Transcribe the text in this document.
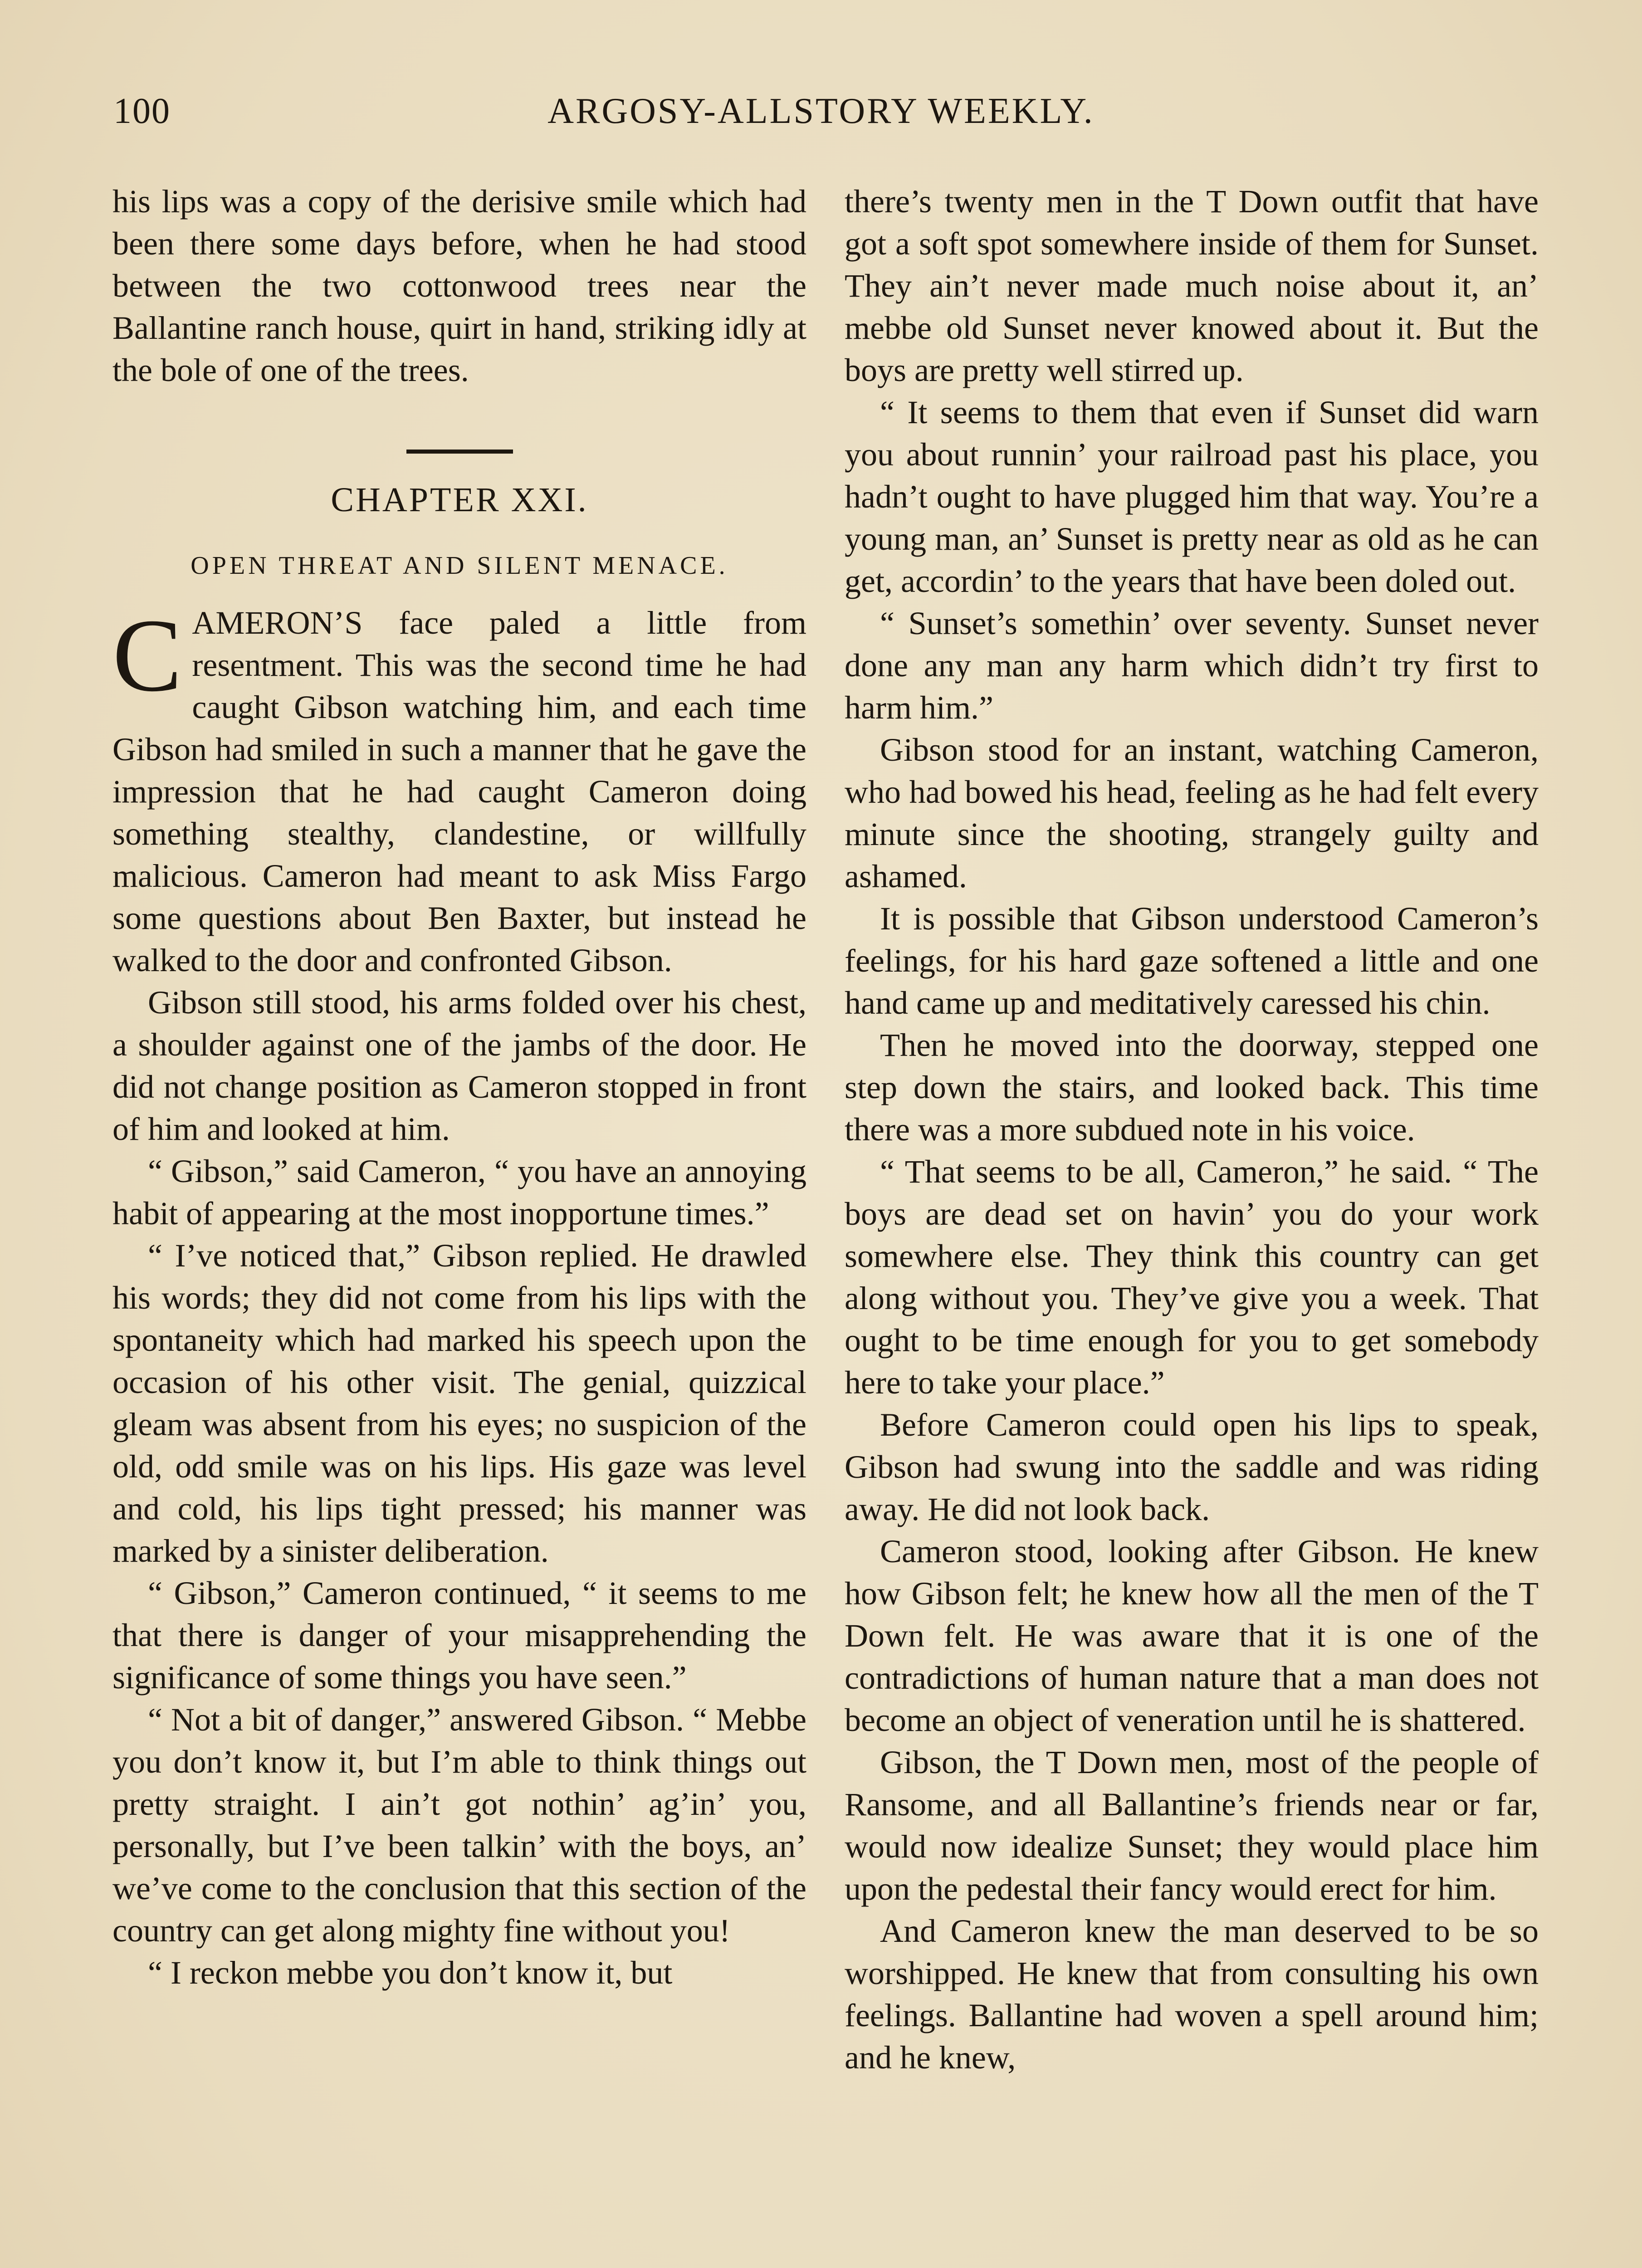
100	ARGOSY-ALLSTORY WEEKLY.

his lips was a copy of the derisive smile which had been there some days before, when he had stood between the two cottonwood trees near the Ballantine ranch house, quirt in hand, striking idly at the bole of one of the trees.

CHAPTER XXI.
OPEN THREAT AND SILENT MENACE.

CAMERON’S face paled a little from resentment. This was the second time he had caught Gibson watching him, and each time Gibson had smiled in such a manner that he gave the impression that he had caught Cameron doing something stealthy, clandestine, or willfully malicious. Cameron had meant to ask Miss Fargo some questions about Ben Baxter, but instead he walked to the door and confronted Gibson.

Gibson still stood, his arms folded over his chest, a shoulder against one of the jambs of the door. He did not change position as Cameron stopped in front of him and looked at him.

“ Gibson,” said Cameron, “ you have an annoying habit of appearing at the most inopportune times.”

“ I’ve noticed that,” Gibson replied. He drawled his words; they did not come from his lips with the spontaneity which had marked his speech upon the occasion of his other visit. The genial, quizzical gleam was absent from his eyes; no suspicion of the old, odd smile was on his lips. His gaze was level and cold, his lips tight pressed; his manner was marked by a sinister deliberation.

“ Gibson,” Cameron continued, “ it seems to me that there is danger of your misapprehending the significance of some things you have seen.”

“ Not a bit of danger,” answered Gibson. “ Mebbe you don’t know it, but I’m able to think things out pretty straight. I ain’t got nothin’ ag’in’ you, personally, but I’ve been talkin’ with the boys, an’ we’ve come to the conclusion that this section of the country can get along mighty fine without you!

“ I reckon mebbe you don’t know it, but

there’s twenty men in the T Down outfit that have got a soft spot somewhere inside of them for Sunset. They ain’t never made much noise about it, an’ mebbe old Sunset never knowed about it. But the boys are pretty well stirred up.

“ It seems to them that even if Sunset did warn you about runnin’ your railroad past his place, you hadn’t ought to have plugged him that way. You’re a young man, an’ Sunset is pretty near as old as he can get, accordin’ to the years that have been doled out.

“ Sunset’s somethin’ over seventy. Sunset never done any man any harm which didn’t try first to harm him.”

Gibson stood for an instant, watching Cameron, who had bowed his head, feeling as he had felt every minute since the shooting, strangely guilty and ashamed.

It is possible that Gibson understood Cameron’s feelings, for his hard gaze softened a little and one hand came up and meditatively caressed his chin.

Then he moved into the doorway, stepped one step down the stairs, and looked back. This time there was a more subdued note in his voice.

“ That seems to be all, Cameron,” he said. “ The boys are dead set on havin’ you do your work somewhere else. They think this country can get along without you. They’ve give you a week. That ought to be time enough for you to get somebody here to take your place.”

Before Cameron could open his lips to speak, Gibson had swung into the saddle and was riding away. He did not look back.

Cameron stood, looking after Gibson. He knew how Gibson felt; he knew how all the men of the T Down felt. He was aware that it is one of the contradictions of human nature that a man does not become an object of veneration until he is shattered.

Gibson, the T Down men, most of the people of Ransome, and all Ballantine’s friends near or far, would now idealize Sunset; they would place him upon the pedestal their fancy would erect for him.

And Cameron knew the man deserved to be so worshipped. He knew that from consulting his own feelings. Ballantine had woven a spell around him; and he knew,
